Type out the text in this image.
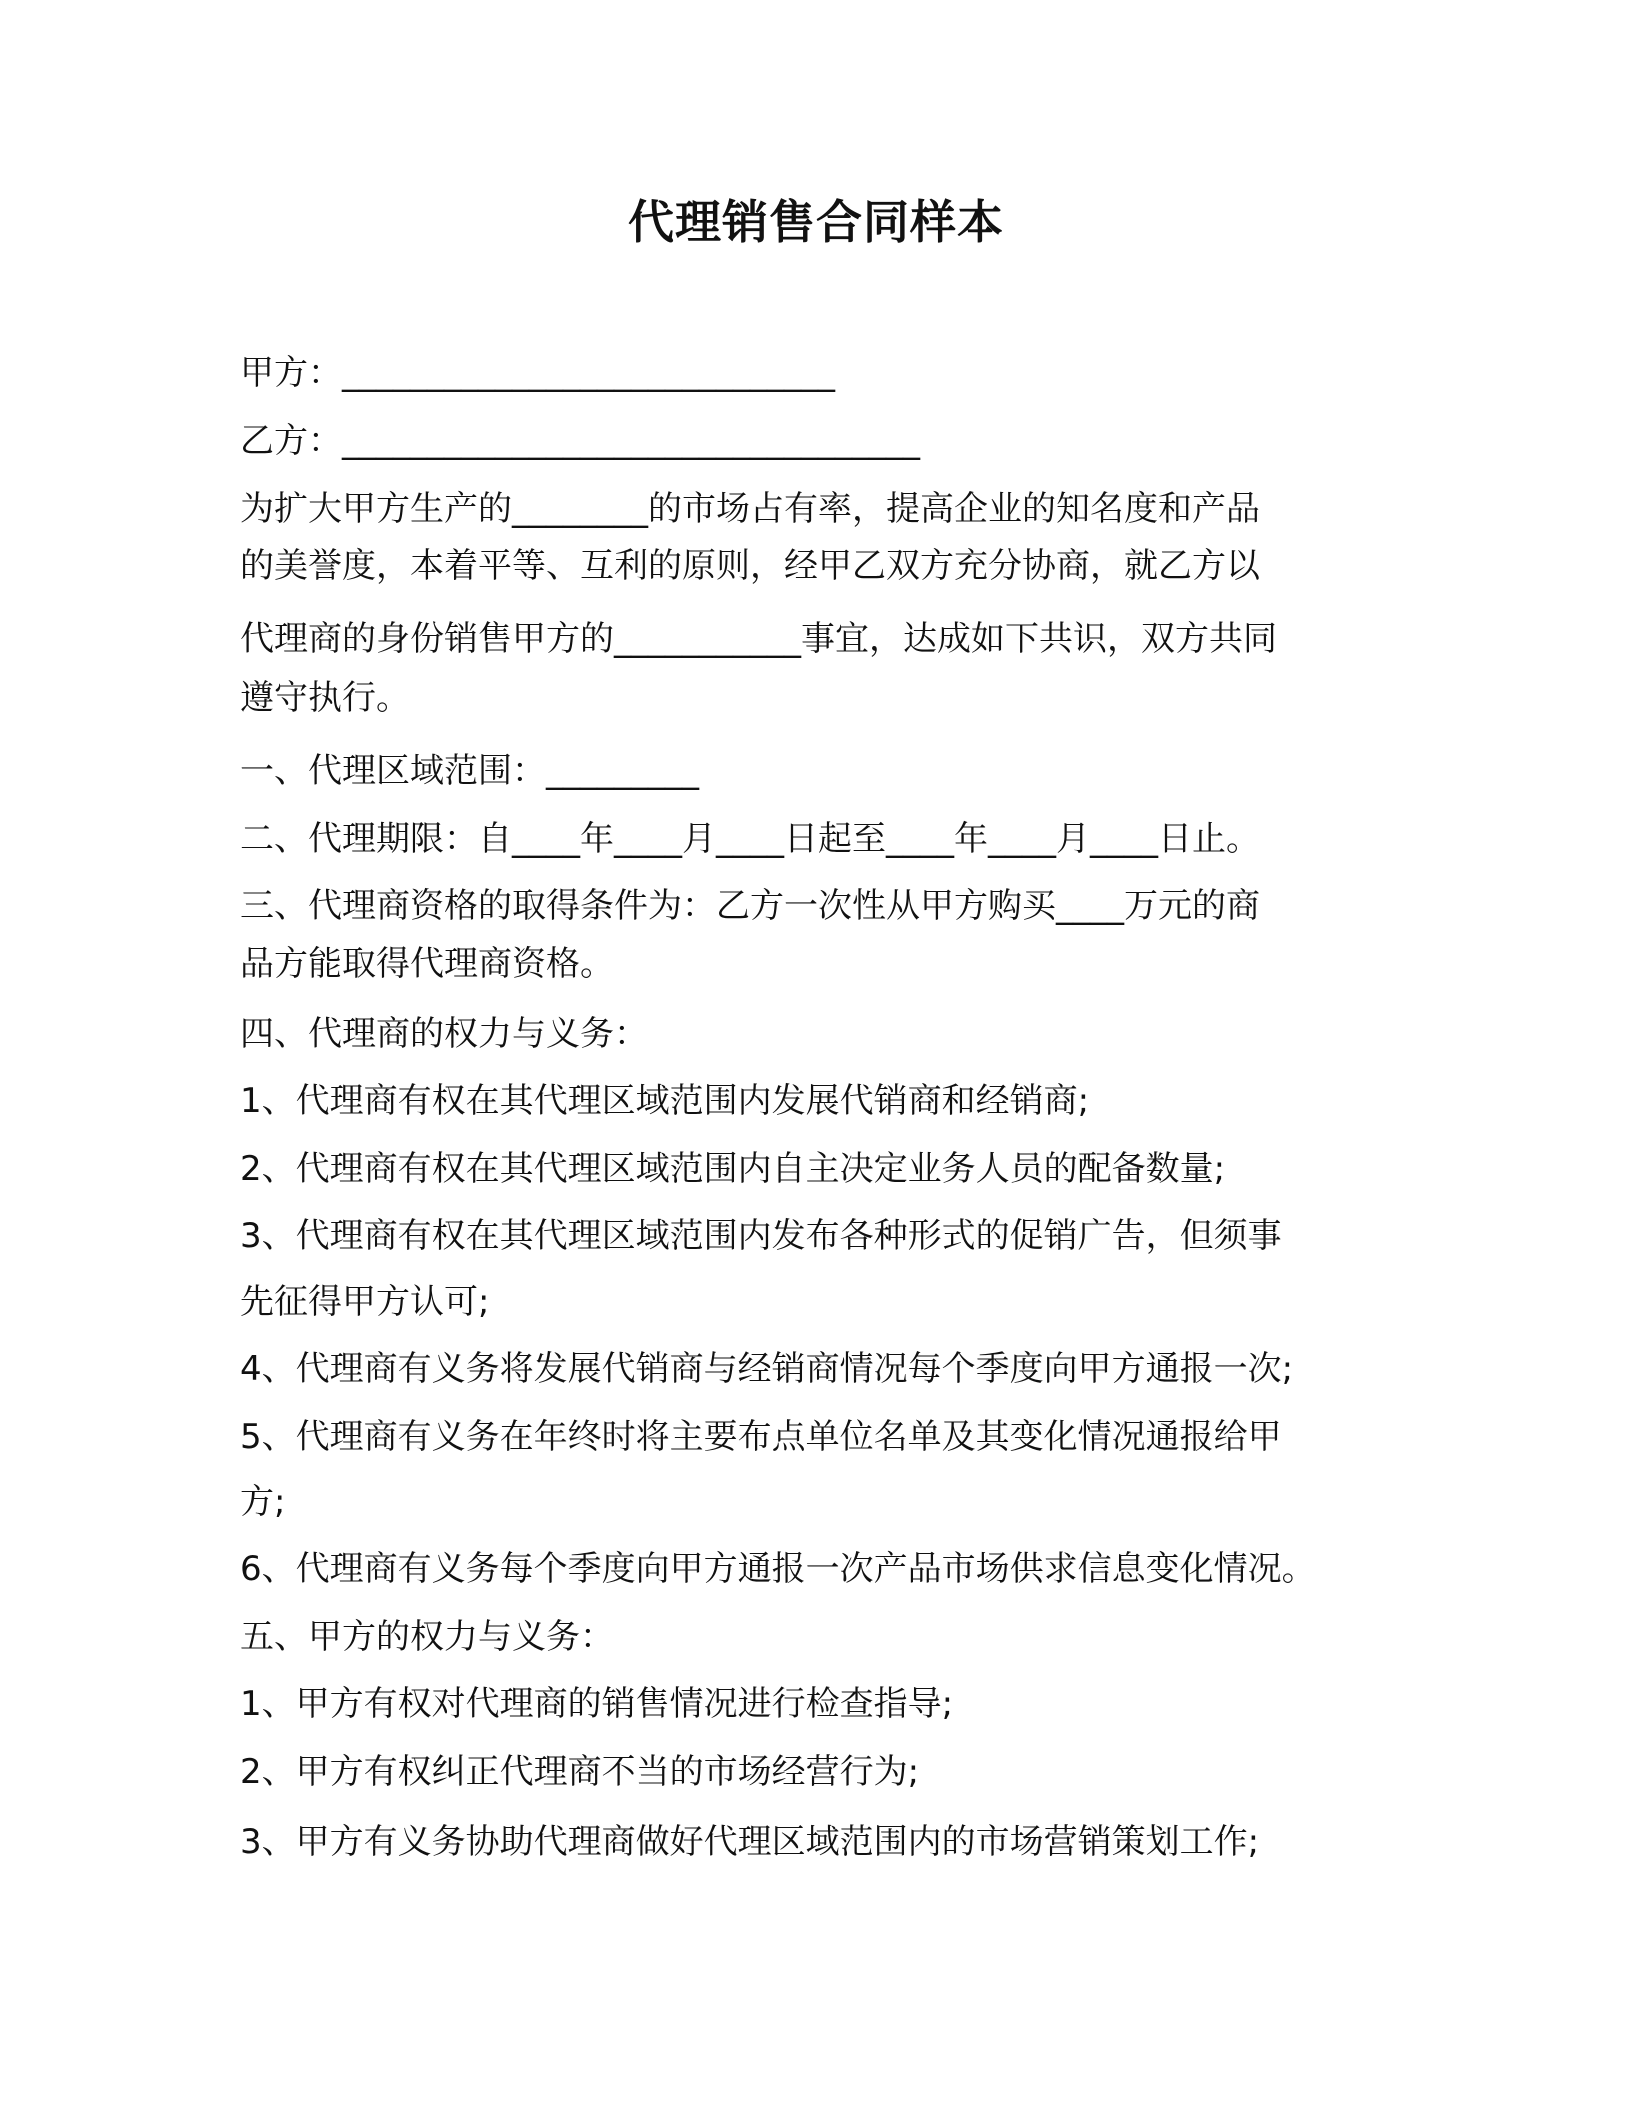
代理销售合同样本
甲方：_____________________________
乙方：__________________________________
为扩大甲方生产的________的市场占有率，提高企业的知名度和产品
的美誉度，本着平等、互利的原则，经甲乙双方充分协商，就乙方以
代理商的身份销售甲方的___________事宜，达成如下共识，双方共同
遵守执行。
一、代理区域范围：_________
二、代理期限：自____年____月____日起至____年____月____日止。
三、代理商资格的取得条件为：乙方一次性从甲方购买____万元的商
品方能取得代理商资格。
四、代理商的权力与义务：
1、代理商有权在其代理区域范围内发展代销商和经销商;
2、代理商有权在其代理区域范围内自主决定业务人员的配备数量;
3、代理商有权在其代理区域范围内发布各种形式的促销广告，但须事
先征得甲方认可;
4、代理商有义务将发展代销商与经销商情况每个季度向甲方通报一次;
5、代理商有义务在年终时将主要布点单位名单及其变化情况通报给甲
方;
6、代理商有义务每个季度向甲方通报一次产品市场供求信息变化情况。
五、甲方的权力与义务：
1、甲方有权对代理商的销售情况进行检查指导;
2、甲方有权纠正代理商不当的市场经营行为;
3、甲方有义务协助代理商做好代理区域范围内的市场营销策划工作;
